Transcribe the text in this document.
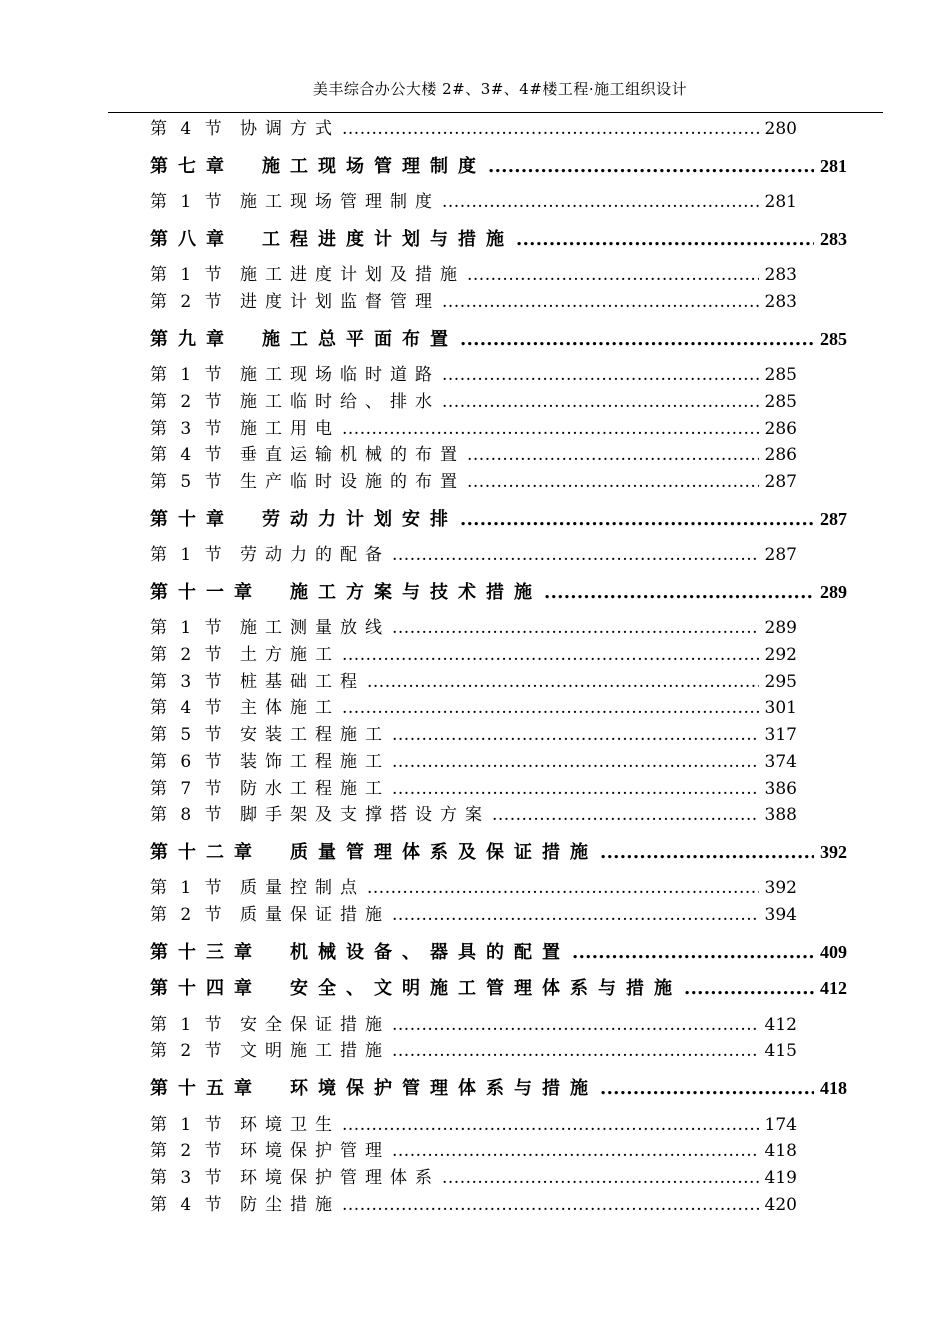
美丰综合办公大楼 2#、3#、4#楼工程·施工组织设计
第 4 节 协调方式 .....	280
第七章　施工现场管理制度 .....	281
第 1 节 施工现场管理制度 .....	281
第八章　工程进度计划与措施 .....	283
第 1 节 施工进度计划及措施 .....	283
第 2 节 进度计划监督管理 .....	283
第九章　施工总平面布置 .....	285
第 1 节 施工现场临时道路 .....	285
第 2 节 施工临时给、排水 .....	285
第 3 节 施工用电 .....	286
第 4 节 垂直运输机械的布置 .....	286
第 5 节 生产临时设施的布置 .....	287
第十章　劳动力计划安排 .....	287
第 1 节 劳动力的配备 .....	287
第十一章　施工方案与技术措施 .....	289
第 1 节 施工测量放线 .....	289
第 2 节 土方施工 .....	292
第 3 节 桩基础工程 .....	295
第 4 节 主体施工 .....	301
第 5 节 安装工程施工 .....	317
第 6 节 装饰工程施工 .....	374
第 7 节 防水工程施工 .....	386
第 8 节 脚手架及支撑搭设方案 .....	388
第十二章　质量管理体系及保证措施 .....	392
第 1 节 质量控制点 .....	392
第 2 节 质量保证措施 .....	394
第十三章　机械设备、器具的配置 .....	409
第十四章　安全、文明施工管理体系与措施 .....	412
第 1 节 安全保证措施 .....	412
第 2 节 文明施工措施 .....	415
第十五章　环境保护管理体系与措施 .....	418
第 1 节 环境卫生 .....	174
第 2 节 环境保护管理 .....	418
第 3 节 环境保护管理体系 .....	419
第 4 节 防尘措施 .....	420
